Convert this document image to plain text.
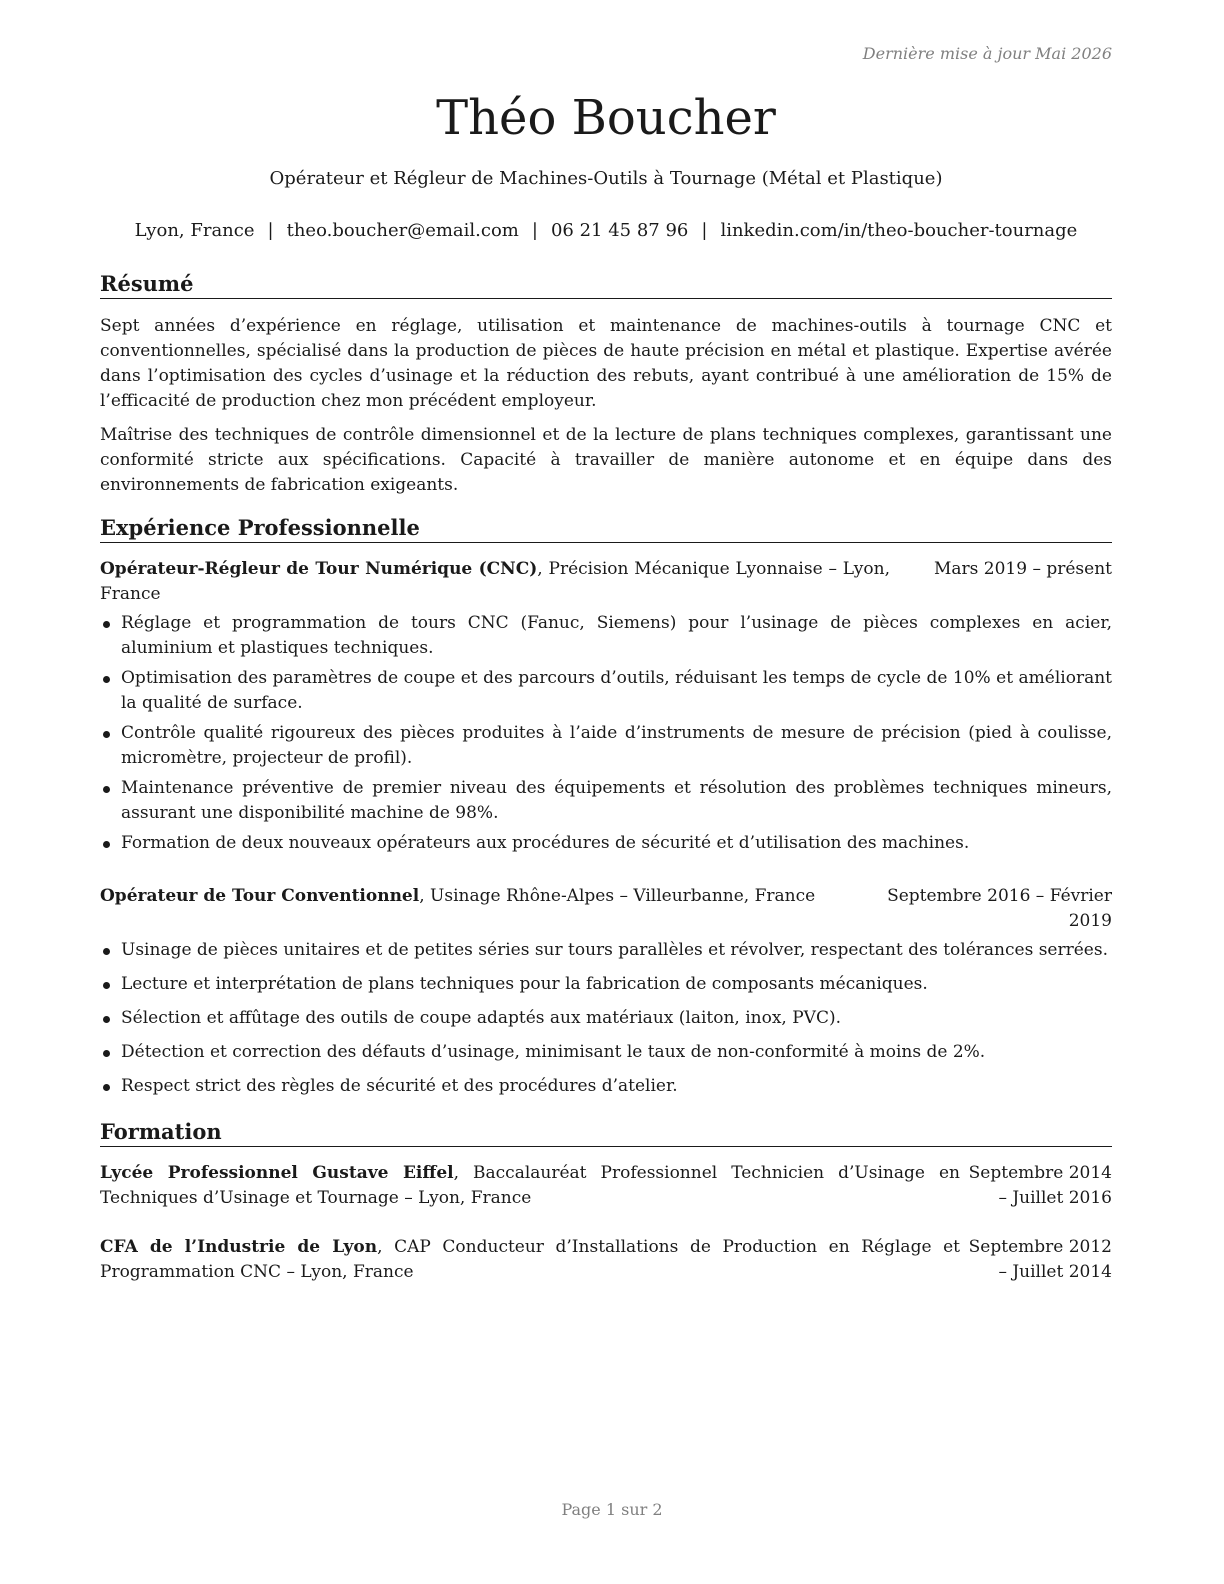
Dernière mise à jour Mai 2026
Théo Boucher
Opérateur et Régleur de Machines-Outils à Tournage (Métal et Plastique)
Lyon, France | theo.boucher@email.com | 06 21 45 87 96 | linkedin.com/in/theo-boucher-tournage
Résumé

Sept années d’expérience en réglage, utilisation et maintenance de machines-outils à tournage CNC et conventionnelles, spécialisé dans la production de pièces de haute précision en métal et plastique. Expertise avérée dans l’optimisation des cycles d’usinage et la réduction des rebuts, ayant contribué à une amélioration de 15% de l’efficacité de production chez mon précédent employeur.

Maîtrise des techniques de contrôle dimensionnel et de la lecture de plans techniques complexes, garantissant une conformité stricte aux spécifications. Capacité à travailler de manière autonome et en équipe dans des environnements de fabrication exigeants.

Expérience Professionnelle
Opérateur-Régleur de Tour Numérique (CNC), Précision Mécanique Lyonnaise – Lyon, France
Mars 2019 – présent
Réglage et programmation de tours CNC (Fanuc, Siemens) pour l’usinage de pièces complexes en acier, aluminium et plastiques techniques.
Optimisation des paramètres de coupe et des parcours d’outils, réduisant les temps de cycle de 10% et améliorant la qualité de surface.
Contrôle qualité rigoureux des pièces produites à l’aide d’instruments de mesure de précision (pied à coulisse, micromètre, projecteur de profil).
Maintenance préventive de premier niveau des équipements et résolution des problèmes techniques mineurs, assurant une disponibilité machine de 98%.
Formation de deux nouveaux opérateurs aux procédures de sécurité et d’utilisation des machines.
Opérateur de Tour Conventionnel, Usinage Rhône-Alpes – Villeurbanne, France	Septembre 2016 – Février 2019
Usinage de pièces unitaires et de petites séries sur tours parallèles et révolver, respectant des tolérances serrées.
Lecture et interprétation de plans techniques pour la fabrication de composants mécaniques.
Sélection et affûtage des outils de coupe adaptés aux matériaux (laiton, inox, PVC).
Détection et correction des défauts d’usinage, minimisant le taux de non-conformité à moins de 2%.
Respect strict des règles de sécurité et des procédures d’atelier.
Formation
Lycée Professionnel Gustave Eiffel, Baccalauréat Professionnel Technicien d’Usinage en Techniques d’Usinage et Tournage – Lyon, France
Septembre 2014 – Juillet 2016
CFA de l’Industrie de Lyon, CAP Conducteur d’Installations de Production en Réglage et Programmation CNC – Lyon, France
Septembre 2012 – Juillet 2014
Page 1 sur 2
